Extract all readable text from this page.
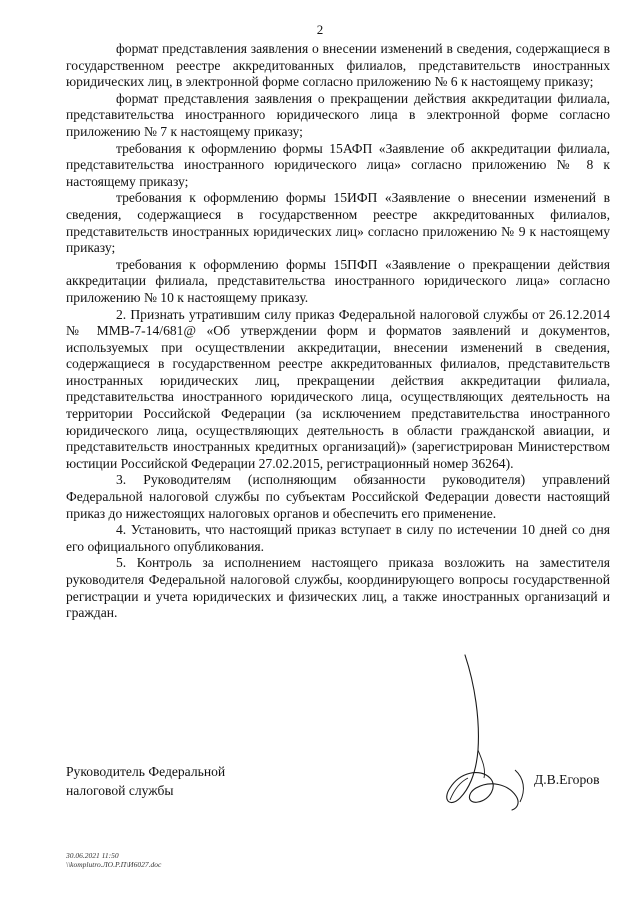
2

формат представления заявления о внесении изменений в сведения, содержащиеся в государственном реестре аккредитованных филиалов, представительств иностранных юридических лиц, в электронной форме согласно приложению № 6 к настоящему приказу;

формат представления заявления о прекращении действия аккредитации филиала, представительства иностранного юридического лица в электронной форме согласно приложению № 7 к настоящему приказу;

требования к оформлению формы 15АФП «Заявление об аккредитации филиала, представительства иностранного юридического лица» согласно приложению № 8 к настоящему приказу;

требования к оформлению формы 15ИФП «Заявление о внесении изменений в сведения, содержащиеся в государственном реестре аккредитованных филиалов, представительств иностранных юридических лиц» согласно приложению № 9 к настоящему приказу;

требования к оформлению формы 15ПФП «Заявление о прекращении действия аккредитации филиала, представительства иностранного юридического лица» согласно приложению № 10 к настоящему приказу.

2. Признать утратившим силу приказ Федеральной налоговой службы от 26.12.2014 № ММВ-7-14/681@ «Об утверждении форм и форматов заявлений и документов, используемых при осуществлении аккредитации, внесении изменений в сведения, содержащиеся в государственном реестре аккредитованных филиалов, представительств иностранных юридических лиц, прекращении действия аккредитации филиала, представительства иностранного юридического лица, осуществляющих деятельность на территории Российской Федерации (за исключением представительства иностранного юридического лица, осуществляющих деятельность в области гражданской авиации, и представительств иностранных кредитных организаций)» (зарегистрирован Министерством юстиции Российской Федерации 27.02.2015, регистрационный номер 36264).

3. Руководителям (исполняющим обязанности руководителя) управлений Федеральной налоговой службы по субъектам Российской Федерации довести настоящий приказ до нижестоящих налоговых органов и обеспечить его применение.

4. Установить, что настоящий приказ вступает в силу по истечении 10 дней со дня его официального опубликования.

5. Контроль за исполнением настоящего приказа возложить на заместителя руководителя Федеральной налоговой службы, координирующего вопросы государственной регистрации и учета юридических и физических лиц, а также иностранных организаций и граждан.

Руководитель Федеральной
налоговой службы
Д.В.Егоров
30.06.2021 11:50
\\komplutro.ЛО.Р.П\И6027.doc
